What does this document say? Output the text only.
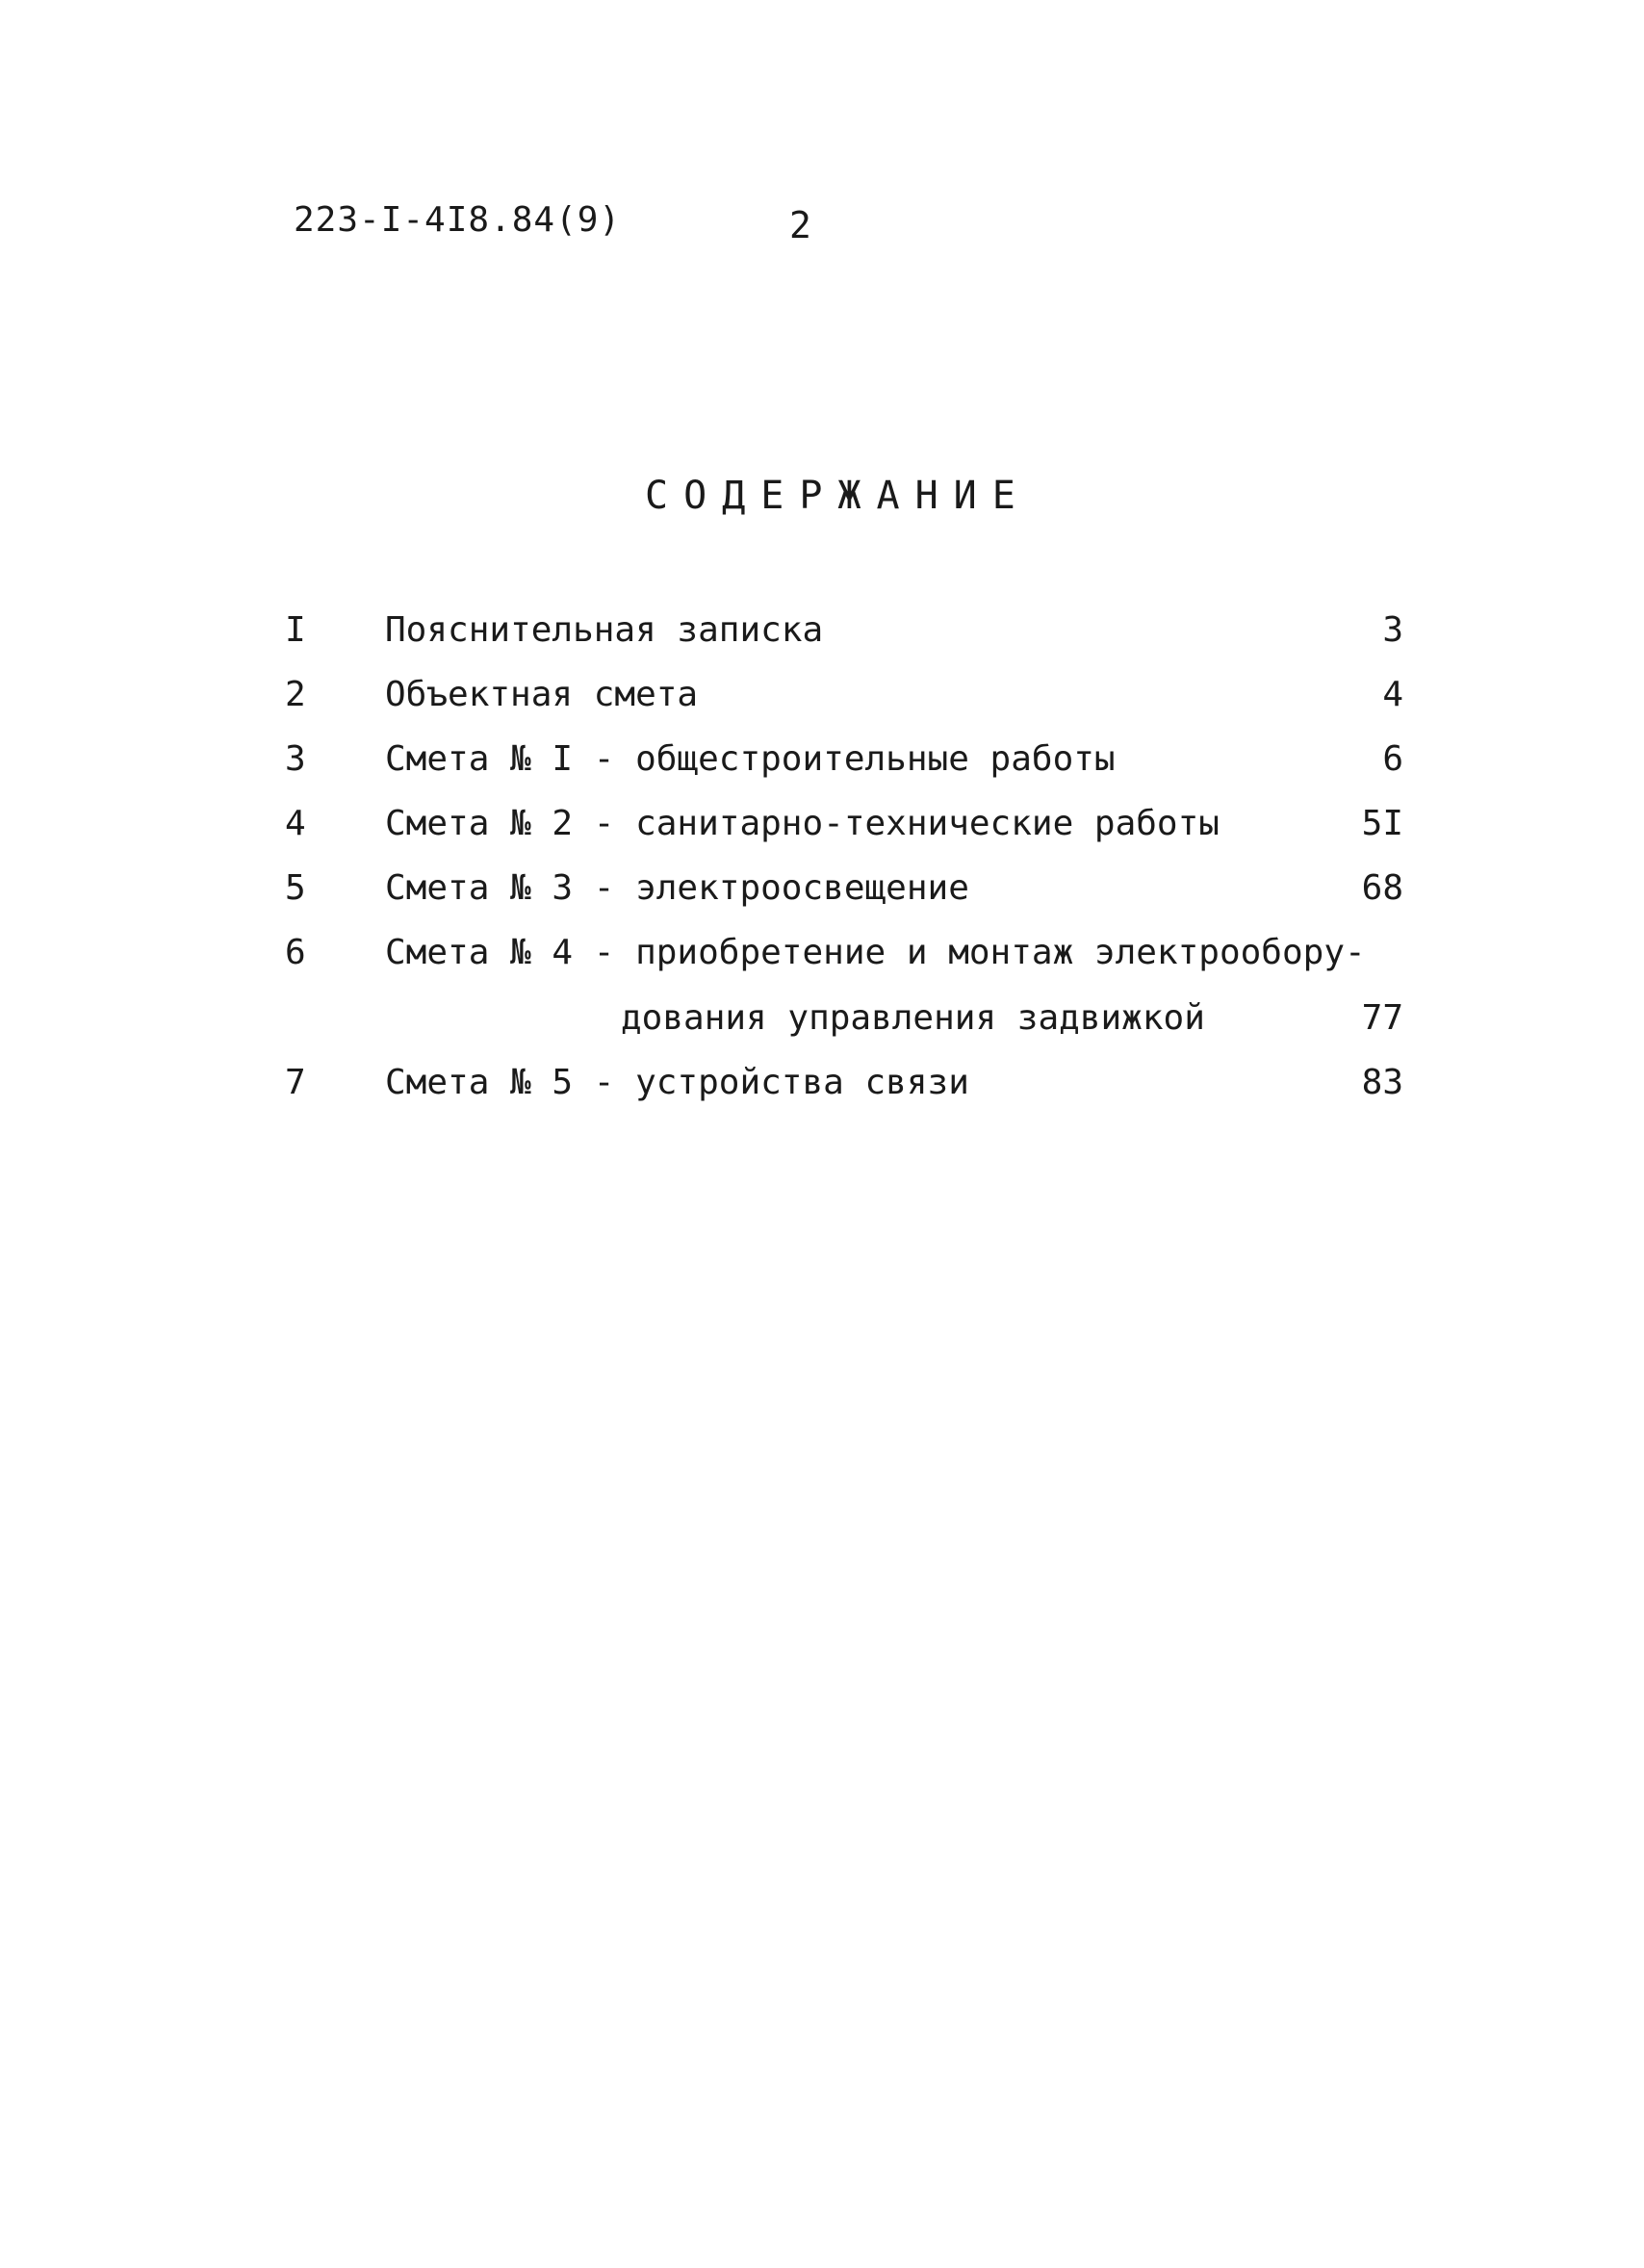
223-I-4I8.84(9)	2
СОДЕРЖАНИЕ
I	Пояснительная записка	3
2	Объектная смета	4
3	Смета № I - общестроительные работы	6
4	Смета № 2 - санитарно-технические работы	5I
5	Смета № 3 - электроосвещение	68
6	Смета № 4 - приобретение и монтаж электрообору-
дования управления задвижкой	77
7	Смета № 5 - устройства связи	83
